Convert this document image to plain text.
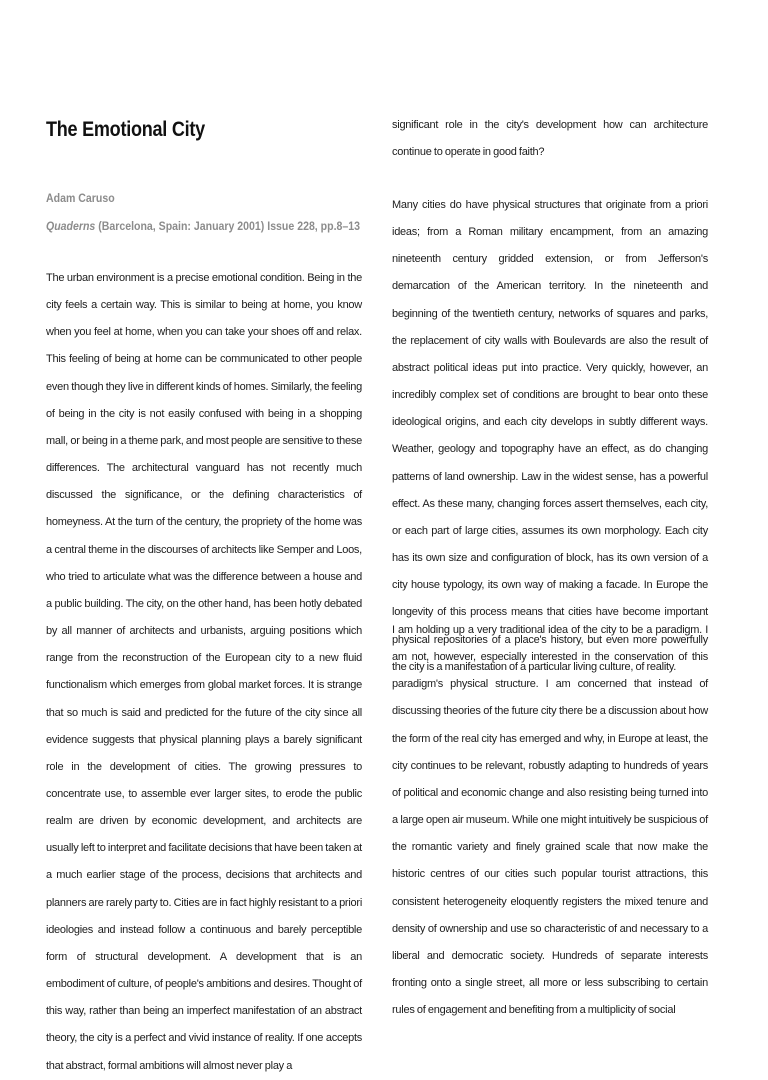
The Emotional City
Adam Caruso
Quaderns (Barcelona, Spain: January 2001) Issue 228, pp.8–13

The urban environment is a precise emotional condition. Being in the city feels a certain way. This is similar to being at home, you know when you feel at home, when you can take your shoes off and relax. This feeling of being at home can be communicated to other people even though they live in different kinds of homes. Similarly, the feeling of being in the city is not easily confused with being in a shopping mall, or being in a theme park, and most people are sensitive to these differences. The architectural vanguard has not recently much discussed the significance, or the defining characteristics of homeyness. At the turn of the century, the propriety of the home was a central theme in the discourses of architects like Semper and Loos, who tried to articulate what was the difference between a house and a public building. The city, on the other hand, has been hotly debated by all manner of architects and urbanists, arguing positions which range from the reconstruction of the European city to a new fluid functionalism which emerges from global market forces. It is strange that so much is said and predicted for the future of the city since all evidence suggests that physical planning plays a barely significant role in the development of cities. The growing pressures to concentrate use, to assemble ever larger sites, to erode the public realm are driven by economic development, and architects are usually left to interpret and facilitate decisions that have been taken at a much earlier stage of the process, decisions that architects and planners are rarely party to. Cities are in fact highly resistant to a priori ideologies and instead follow a continuous and barely perceptible form of structural development. A development that is an embodiment of culture, of people's ambitions and desires. Thought of this way, rather than being an imperfect manifestation of an abstract theory, the city is a perfect and vivid instance of reality. If one accepts that abstract, formal ambitions will almost never play a

significant role in the city's development how can architecture continue to operate in good faith?

Many cities do have physical structures that originate from a priori ideas; from a Roman military encampment, from an amazing nineteenth century gridded extension, or from Jefferson's demarcation of the American territory. In the nineteenth and beginning of the twentieth century, networks of squares and parks, the replacement of city walls with Boulevards are also the result of abstract political ideas put into practice. Very quickly, however, an incredibly complex set of conditions are brought to bear onto these ideological origins, and each city develops in subtly different ways. Weather, geology and topography have an effect, as do changing patterns of land ownership. Law in the widest sense, has a powerful effect. As these many, changing forces assert themselves, each city, or each part of large cities, assumes its own morphology. Each city has its own size and configuration of block, has its own version of a city house typology, its own way of making a facade. In Europe the longevity of this process means that cities have become important physical repositories of a place's history, but even more powerfully the city is a manifestation of a particular living culture, of reality.

I am holding up a very traditional idea of the city to be a paradigm. I am not, however, especially interested in the conservation of this paradigm's physical structure. I am concerned that instead of discussing theories of the future city there be a discussion about how the form of the real city has emerged and why, in Europe at least, the city continues to be relevant, robustly adapting to hundreds of years of political and economic change and also resisting being turned into a large open air museum. While one might intuitively be suspicious of the romantic variety and finely grained scale that now make the historic centres of our cities such popular tourist attractions, this consistent heterogeneity eloquently registers the mixed tenure and density of ownership and use so characteristic of and necessary to a liberal and democratic society. Hundreds of separate interests fronting onto a single street, all more or less subscribing to certain rules of engagement and benefiting from a multiplicity of social
